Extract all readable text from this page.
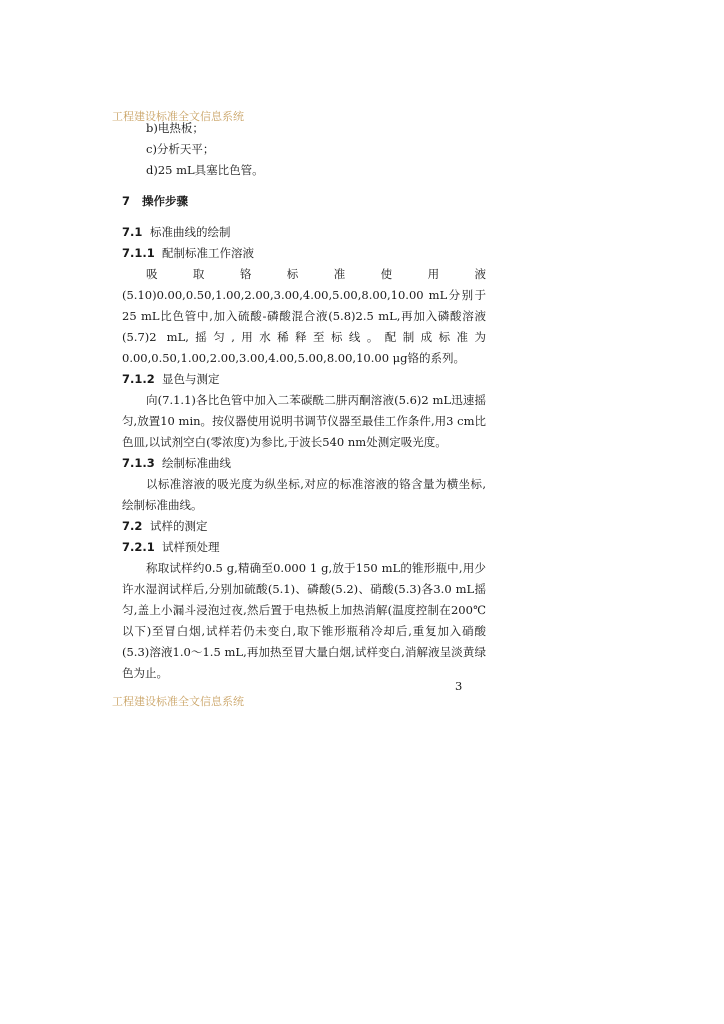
工程建设标准全文信息系统
b)电热板；
c)分析天平；
d)25 mL具塞比色管。
7 操作步骤
7.1 标准曲线的绘制
7.1.1 配制标准工作溶液
吸取铬标准使用液(5.10)0.00,0.50,1.00,2.00,3.00,4.00,5.00,8.00,10.00 mL分别于25 mL比色管中,加入硫酸-磷酸混合液(5.8)2.5 mL,再加入磷酸溶液(5.7)2 mL,摇匀,用水稀释至标线。配制成标准为0.00,0.50,1.00,2.00,3.00,4.00,5.00,8.00,10.00 μg铬的系列。
7.1.2 显色与测定
向(7.1.1)各比色管中加入二苯碳酰二肼丙酮溶液(5.6)2 mL迅速摇匀,放置10 min。按仪器使用说明书调节仪器至最佳工作条件,用3 cm比色皿,以试剂空白(零浓度)为参比,于波长540 nm处测定吸光度。
7.1.3 绘制标准曲线
以标准溶液的吸光度为纵坐标,对应的标准溶液的铬含量为横坐标,绘制标准曲线。
7.2 试样的测定
7.2.1 试样预处理
称取试样约0.5 g,精确至0.000 1 g,放于150 mL的锥形瓶中,用少许水湿润试样后,分别加硫酸(5.1)、磷酸(5.2)、硝酸(5.3)各3.0 mL摇匀,盖上小漏斗浸泡过夜,然后置于电热板上加热消解(温度控制在200℃以下)至冒白烟,试样若仍未变白,取下锥形瓶稍冷却后,重复加入硝酸(5.3)溶液1.0～1.5 mL,再加热至冒大量白烟,试样变白,消解液呈淡黄绿色为止。
3
工程建设标准全文信息系统
